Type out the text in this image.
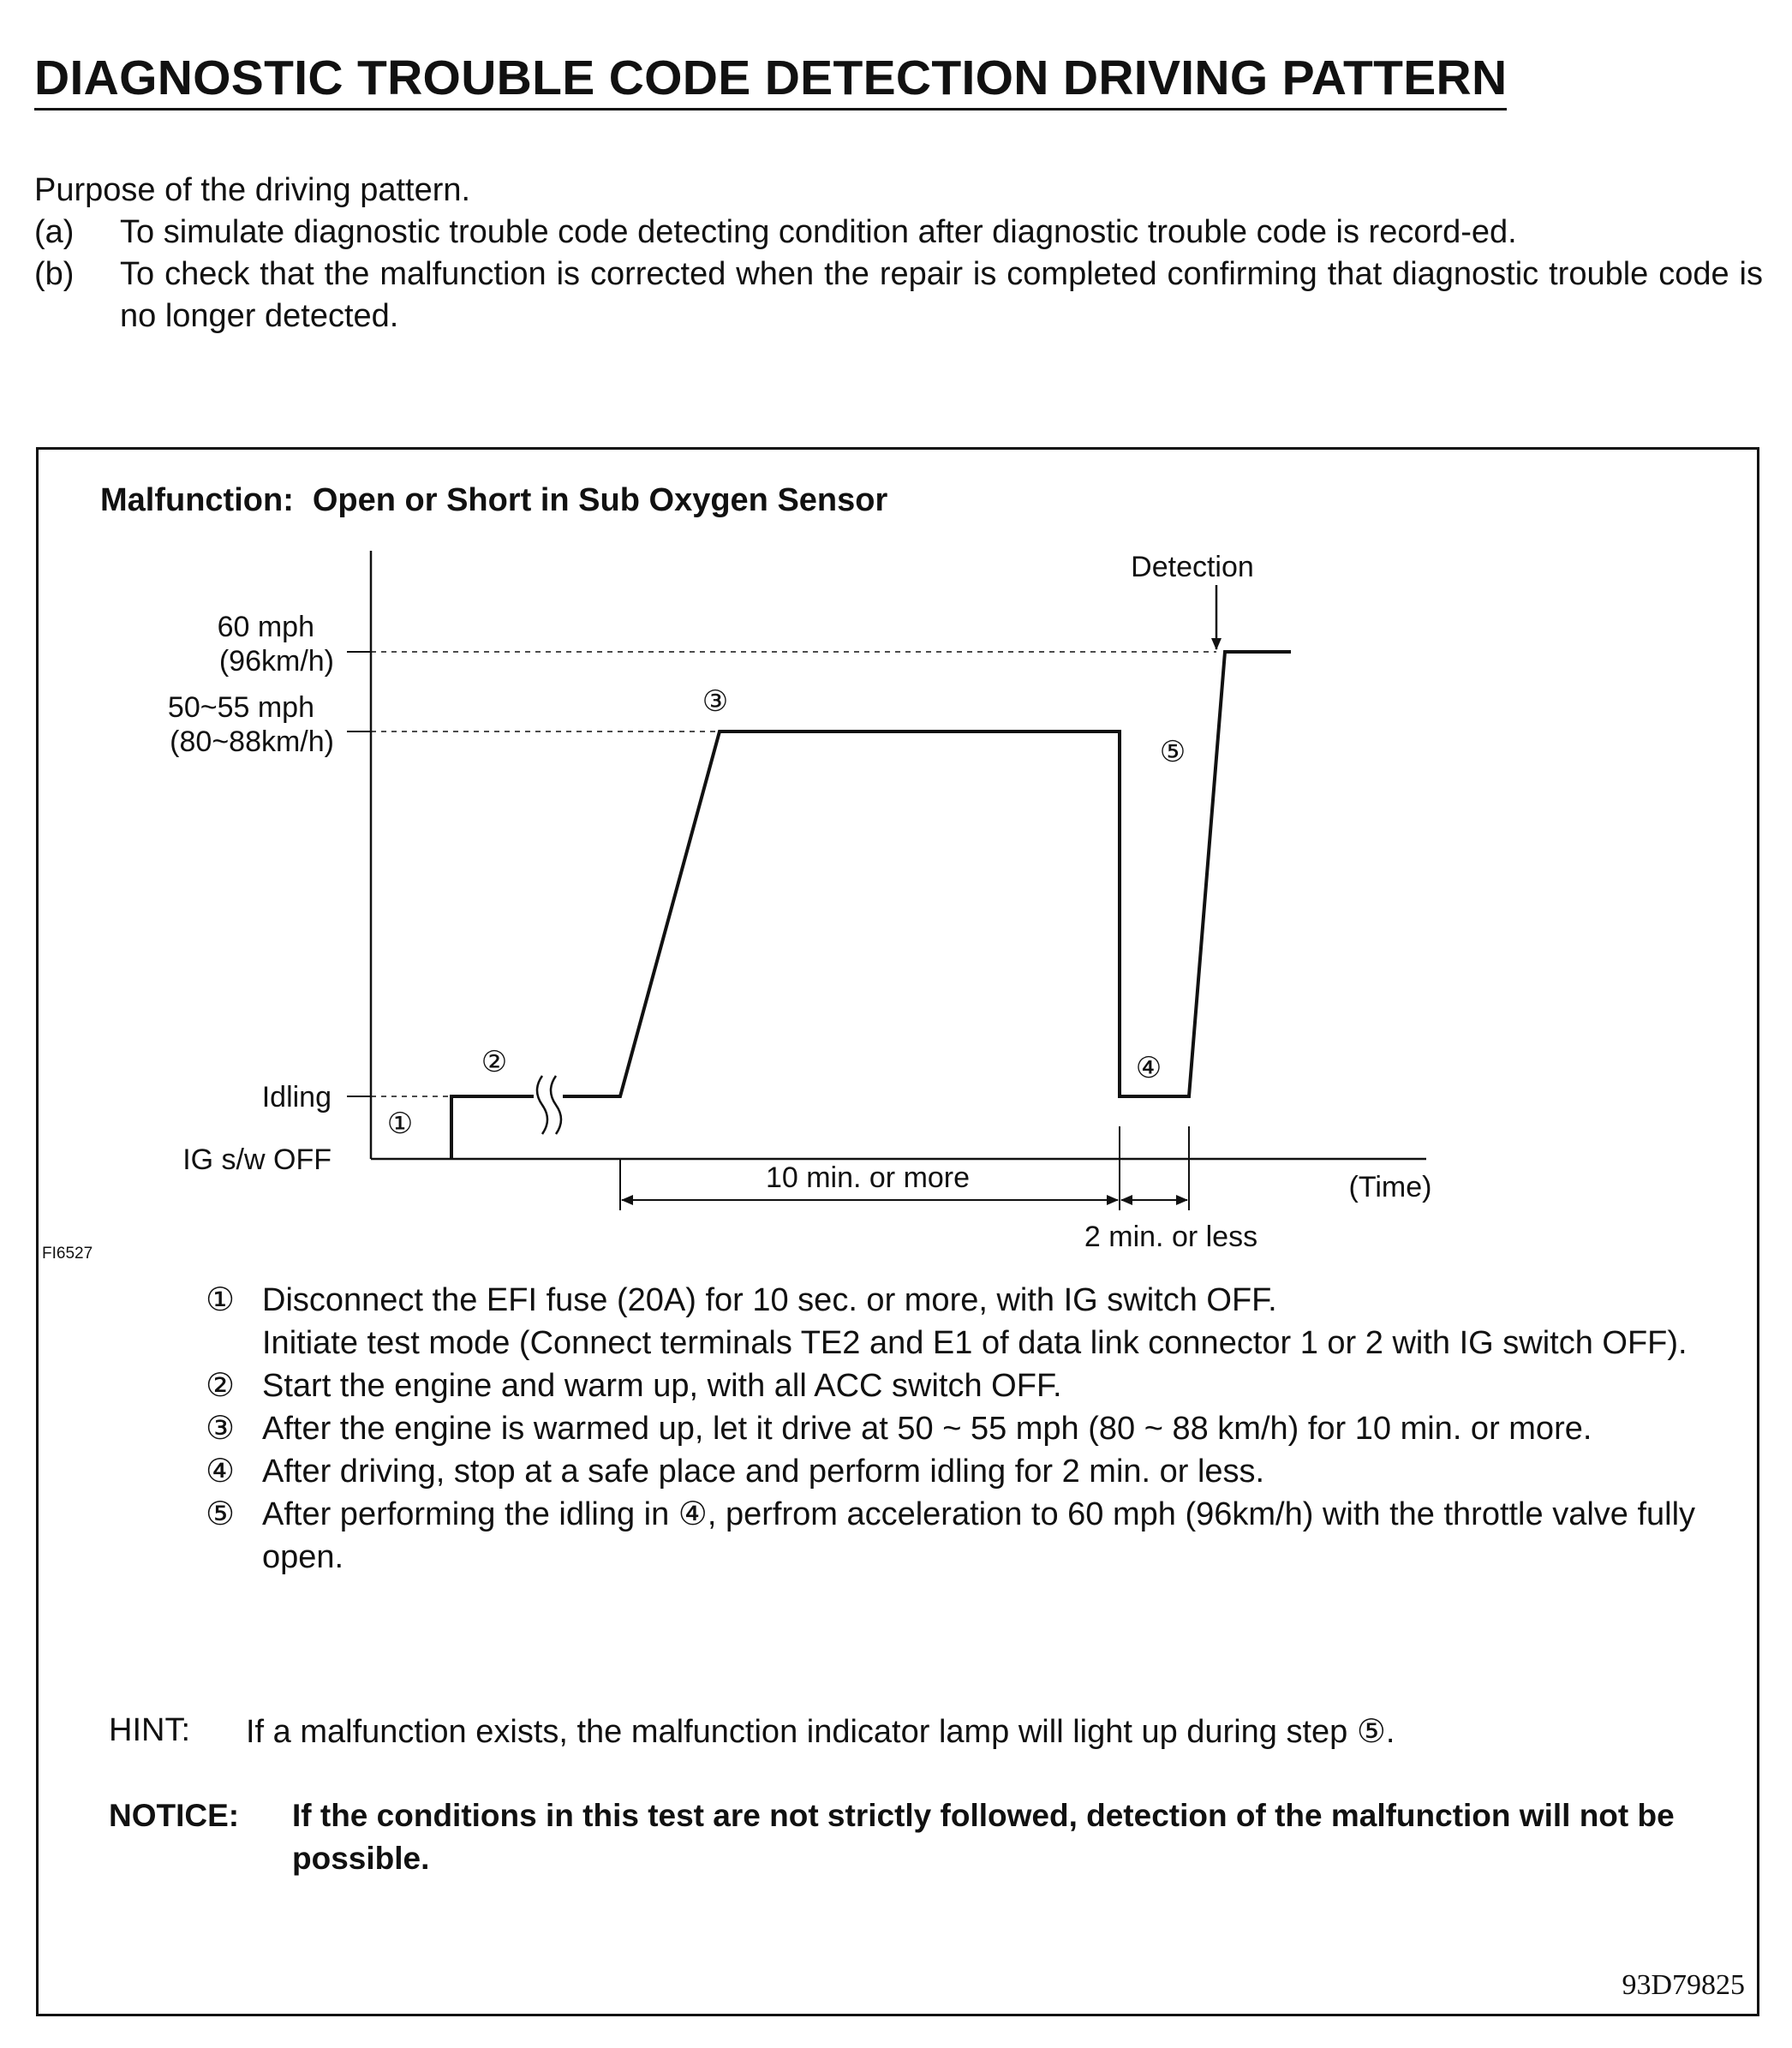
DIAGNOSTIC TROUBLE CODE DETECTION DRIVING PATTERN
Purpose of the driving pattern.
(a)	To simulate diagnostic trouble code detecting condition after diagnostic trouble code is record-ed.
(b)	To check that the malfunction is corrected when the repair is completed confirming that diagnostic trouble code is no longer detected.
Malfunction: Open or Short in Sub Oxygen Sensor
60 mph
(96km/h)
50~55 mph
(80~88km/h)
Idling
IG s/w OFF
①
②
③
④
⑤
Detection
10 min. or more
2 min. or less
(Time)
FI6527
① Disconnect the EFI fuse (20A) for 10 sec. or more, with IG switch OFF.
Initiate test mode (Connect terminals TE2 and E1 of data link connector 1 or 2 with IG switch OFF).
② Start the engine and warm up, with all ACC switch OFF.
③ After the engine is warmed up, let it drive at 50 ~ 55 mph (80 ~ 88 km/h) for 10 min. or more.
④ After driving, stop at a safe place and perform idling for 2 min. or less.
⑤ After performing the idling in ④, perfrom acceleration to 60 mph (96km/h) with the throttle valve fully open.
HINT:	If a malfunction exists, the malfunction indicator lamp will light up during step ⑤.
NOTICE:	If the conditions in this test are not strictly followed, detection of the malfunction will not be possible.
93D79825
